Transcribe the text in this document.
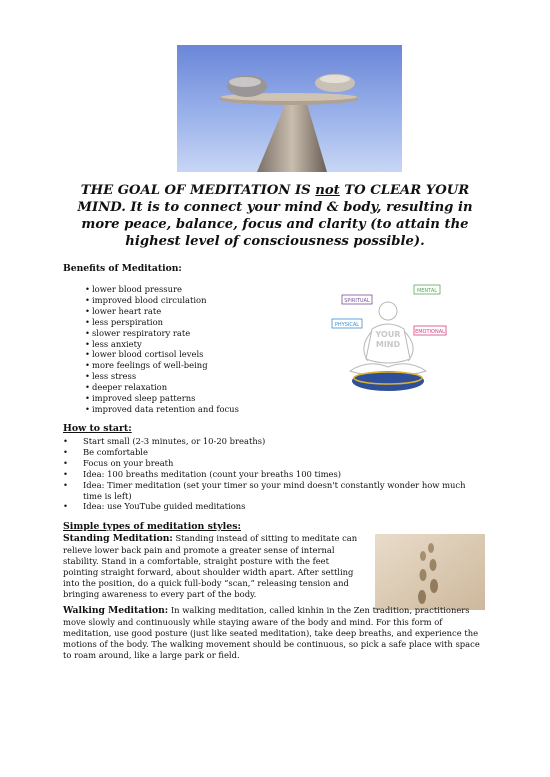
THE GOAL OF MEDITATION IS not TO CLEAR YOUR MIND. It is to connect your mind & body, resulting in more peace, balance, focus and clarity (to attain the highest level of consciousness possible).
Benefits of Meditation:
• lower blood pressure
• improved blood circulation
• lower heart rate
• less perspiration
• slower respiratory rate
• less anxiety
• lower blood cortisol levels
• more feelings of well-being
• less stress
• deeper relaxation
• improved sleep patterns
• improved data retention and focus
MENTAL
SPIRITUAL
PHYSICAL
EMOTIONAL
YOUR
MIND
How to start:
• Start small (2-3 minutes, or 10-20 breaths)
• Be comfortable
• Focus on your breath
• Idea: 100 breaths meditation (count your breaths 100 times)
• Idea: Timer meditation (set your timer so your mind doesn't constantly wonder how much time is left)
• Idea: use YouTube guided meditations
Simple types of meditation styles:

Standing Meditation: Standing instead of sitting to meditate can relieve lower back pain and promote a greater sense of internal stability. Stand in a comfortable, straight posture with the feet pointing straight forward, about shoulder width apart. After settling into the position, do a quick full-body “scan,” releasing tension and bringing awareness to every part of the body.

Walking Meditation: In walking meditation, called kinhin in the Zen tradition, practitioners move slowly and continuously while staying aware of the body and mind. For this form of meditation, use good posture (just like seated meditation), take deep breaths, and experience the motions of the body. The walking movement should be continuous, so pick a safe place with space to roam around, like a large park or field.
